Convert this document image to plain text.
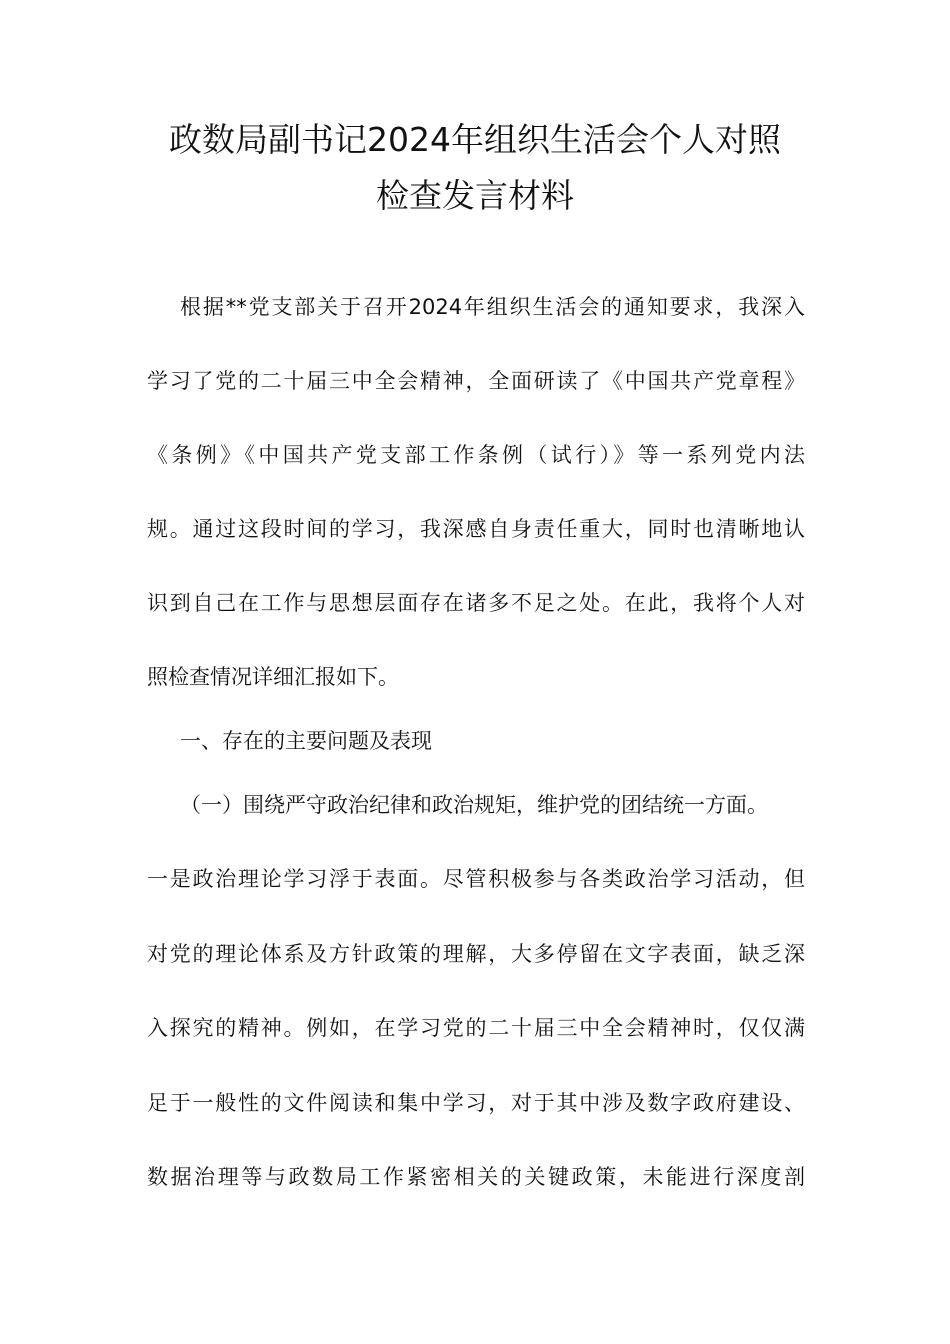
政数局副书记2024年组织生活会个人对照
检查发言材料
根据**党支部关于召开2024年组织生活会的通知要求，我深入
学习了党的二十届三中全会精神，全面研读了《中国共产党章程》
《条例》《中国共产党支部工作条例（试行）》等一系列党内法
规。通过这段时间的学习，我深感自身责任重大，同时也清晰地认
识到自己在工作与思想层面存在诸多不足之处。在此，我将个人对
照检查情况详细汇报如下。
一、存在的主要问题及表现
（一）围绕严守政治纪律和政治规矩，维护党的团结统一方面。
一是政治理论学习浮于表面。尽管积极参与各类政治学习活动，但
对党的理论体系及方针政策的理解，大多停留在文字表面，缺乏深
入探究的精神。例如，在学习党的二十届三中全会精神时，仅仅满
足于一般性的文件阅读和集中学习，对于其中涉及数字政府建设、
数据治理等与政数局工作紧密相关的关键政策，未能进行深度剖
